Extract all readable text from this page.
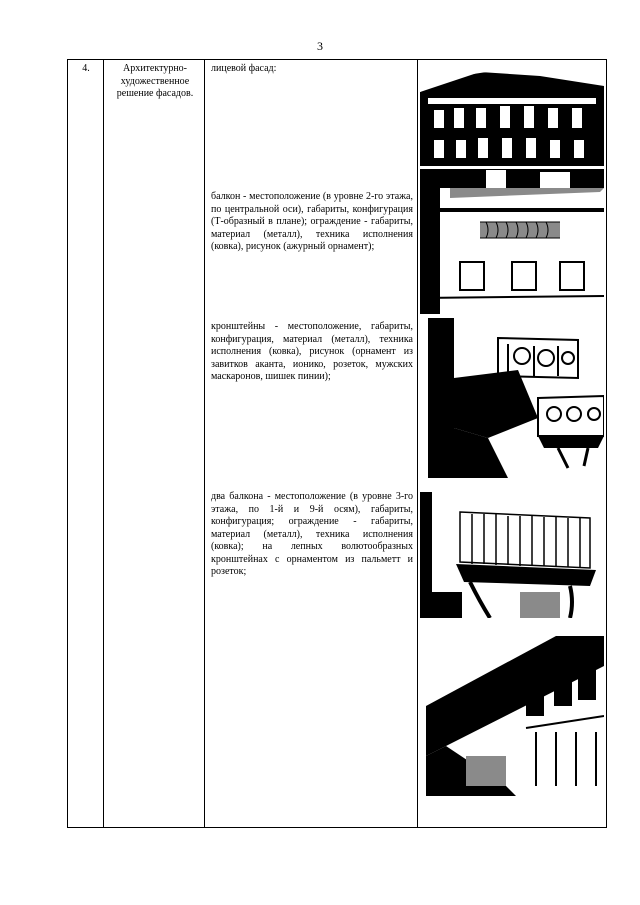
3
4.	Архитектурно-художественное решение фасадов.
лицевой фасад:
балкон - местоположение (в уровне 2-го этажа, по центральной оси), габариты, конфигурация (Т-образный в плане); ограждение - габариты, материал (металл), техника исполнения (ковка), рисунок (ажурный орнамент);
кронштейны - местоположение, габариты, конфигурация, материал (металл), техника исполнения (ковка), рисунок (орнамент из завитков аканта, ионико, розеток, мужских маскаронов, шишек пинии);
два балкона - местоположение (в уровне 3-го этажа, по 1-й и 9-й осям), габариты, конфигурация; ограждение - габариты, материал (металл), техника исполнения (ковка); на лепных волютообразных кронштейнах с орнаментом из пальметт и розеток;
